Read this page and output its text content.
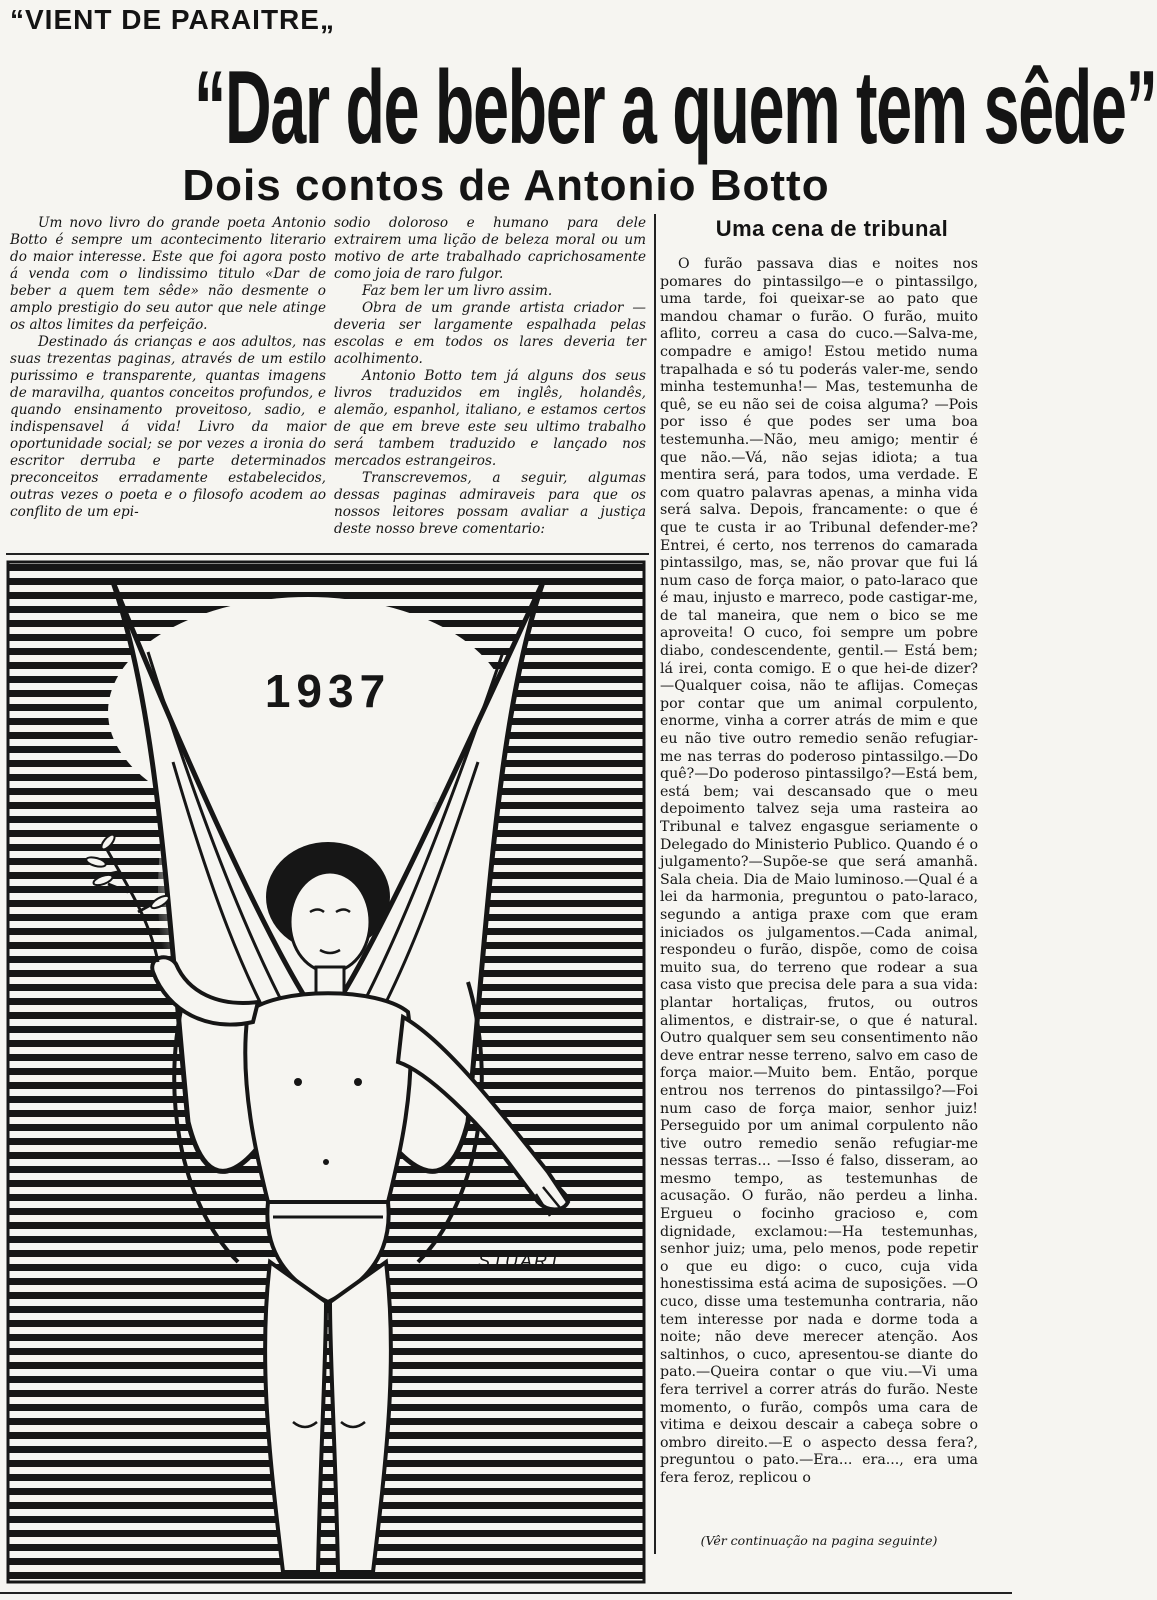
“VIENT DE PARAITRE„
“Dar de beber a quem tem sêde”
Dois contos de Antonio Botto

Um novo livro do grande poeta Antonio Botto é sempre um acontecimento literario do maior interesse. Este que foi agora posto á venda com o lindissimo titulo «Dar de beber a quem tem sêde» não desmente o amplo prestigio do seu autor que nele atinge os altos limites da perfeição.

Destinado ás crianças e aos adultos, nas suas trezentas paginas, através de um estilo purissimo e transparente, quantas imagens de maravilha, quantos conceitos profundos, e quando ensinamento proveitoso, sadio, e indispensavel á vida! Livro da maior oportunidade social; se por vezes a ironia do escritor derruba e parte determinados preconceitos erradamente estabelecidos, outras vezes o poeta e o filosofo acodem ao conflito de um epi-

sodio doloroso e humano para dele extrairem uma lição de beleza moral ou um motivo de arte trabalhado caprichosamente como joia de raro fulgor.

Faz bem ler um livro assim.

Obra de um grande artista criador —deveria ser largamente espalhada pelas escolas e em todos os lares deveria ter acolhimento.

Antonio Botto tem já alguns dos seus livros traduzidos em inglês, holandês, alemão, espanhol, italiano, e estamos certos de que em breve este seu ultimo trabalho será tambem traduzido e lançado nos mercados estrangeiros.

Transcrevemos, a seguir, algumas dessas paginas admiraveis para que os nossos leitores possam avaliar a justiça deste nosso breve comentario:

1937
STUART
Uma cena de tribunal

O furão passava dias e noites nos pomares do pintassilgo—e o pintassilgo, uma tarde, foi queixar-se ao pato que mandou chamar o furão. O furão, muito aflito, correu a casa do cuco.—Salva-me, compadre e amigo! Estou metido numa trapalhada e só tu poderás valer-me, sendo minha testemunha!— Mas, testemunha de quê, se eu não sei de coisa alguma? —Pois por isso é que podes ser uma boa testemunha.—Não, meu amigo; mentir é que não.—Vá, não sejas idiota; a tua mentira será, para todos, uma verdade. E com quatro palavras apenas, a minha vida será salva. Depois, francamente: o que é que te custa ir ao Tribunal defender-me? Entrei, é certo, nos terrenos do camarada pintassilgo, mas, se, não provar que fui lá num caso de força maior, o pato-laraco que é mau, injusto e marreco, pode castigar-me, de tal maneira, que nem o bico se me aproveita! O cuco, foi sempre um pobre diabo, condescendente, gentil.— Está bem; lá irei, conta comigo. E o que hei-de dizer?—Qualquer coisa, não te aflijas. Começas por contar que um animal corpulento, enorme, vinha a correr atrás de mim e que eu não tive outro remedio senão refugiar-me nas terras do poderoso pintassilgo.—Do quê?—Do poderoso pintassilgo?—Está bem, está bem; vai descansado que o meu depoimento talvez seja uma rasteira ao Tribunal e talvez engasgue seriamente o Delegado do Ministerio Publico. Quando é o julgamento?—Supõe-se que será amanhã. Sala cheia. Dia de Maio luminoso.—Qual é a lei da harmonia, preguntou o pato-laraco, segundo a antiga praxe com que eram iniciados os julgamentos.—Cada animal, respondeu o furão, dispõe, como de coisa muito sua, do terreno que rodear a sua casa visto que precisa dele para a sua vida: plantar hortaliças, frutos, ou outros alimentos, e distrair-se, o que é natural. Outro qualquer sem seu consentimento não deve entrar nesse terreno, salvo em caso de força maior.—Muito bem. Então, porque entrou nos terrenos do pintassilgo?—Foi num caso de força maior, senhor juiz! Perseguido por um animal corpulento não tive outro remedio senão refugiar-me nessas terras... —Isso é falso, disseram, ao mesmo tempo, as testemunhas de acusação. O furão, não perdeu a linha. Ergueu o focinho gracioso e, com dignidade, exclamou:—Ha testemunhas, senhor juiz; uma, pelo menos, pode repetir o que eu digo: o cuco, cuja vida honestissima está acima de suposições. —O cuco, disse uma testemunha contraria, não tem interesse por nada e dorme toda a noite; não deve merecer atenção. Aos saltinhos, o cuco, apresentou-se diante do pato.—Queira contar o que viu.—Vi uma fera terrivel a correr atrás do furão. Neste momento, o furão, compôs uma cara de vitima e deixou descair a cabeça sobre o ombro direito.—E o aspecto dessa fera?, preguntou o pato.—Era... era..., era uma fera feroz, replicou o

(Vêr continuação na pagina seguinte)
